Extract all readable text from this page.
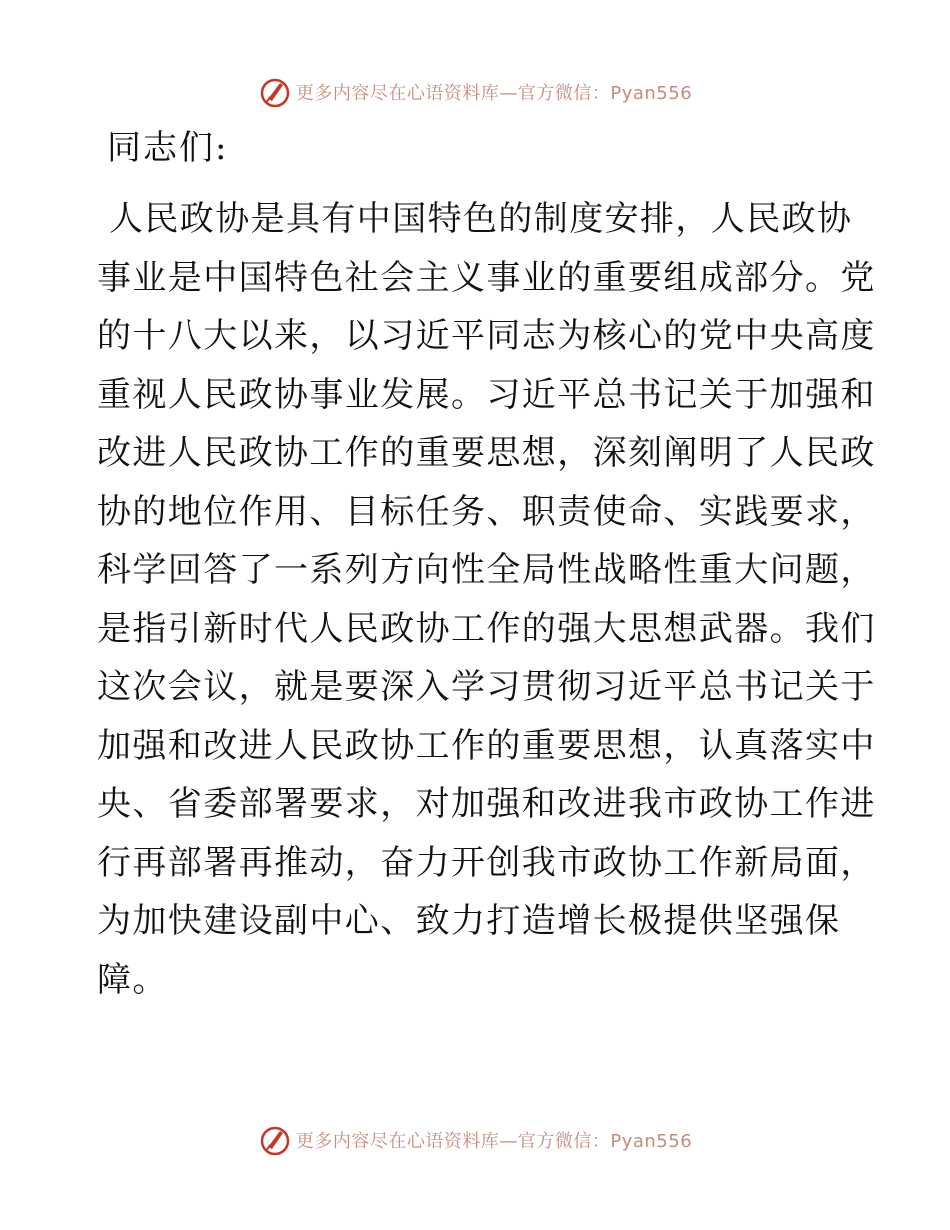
更多内容尽在心语资料库—官方微信：Pyan556
同志们:
人民政协是具有中国特色的制度安排，人民政协
事业是中国特色社会主义事业的重要组成部分。党
的十八大以来，以习近平同志为核心的党中央高度
重视人民政协事业发展。习近平总书记关于加强和
改进人民政协工作的重要思想，深刻阐明了人民政
协的地位作用、目标任务、职责使命、实践要求，
科学回答了一系列方向性全局性战略性重大问题，
是指引新时代人民政协工作的强大思想武器。我们
这次会议，就是要深入学习贯彻习近平总书记关于
加强和改进人民政协工作的重要思想，认真落实中
央、省委部署要求，对加强和改进我市政协工作进
行再部署再推动，奋力开创我市政协工作新局面，
为加快建设副中心、致力打造增长极提供坚强保
障。
更多内容尽在心语资料库—官方微信：Pyan556
